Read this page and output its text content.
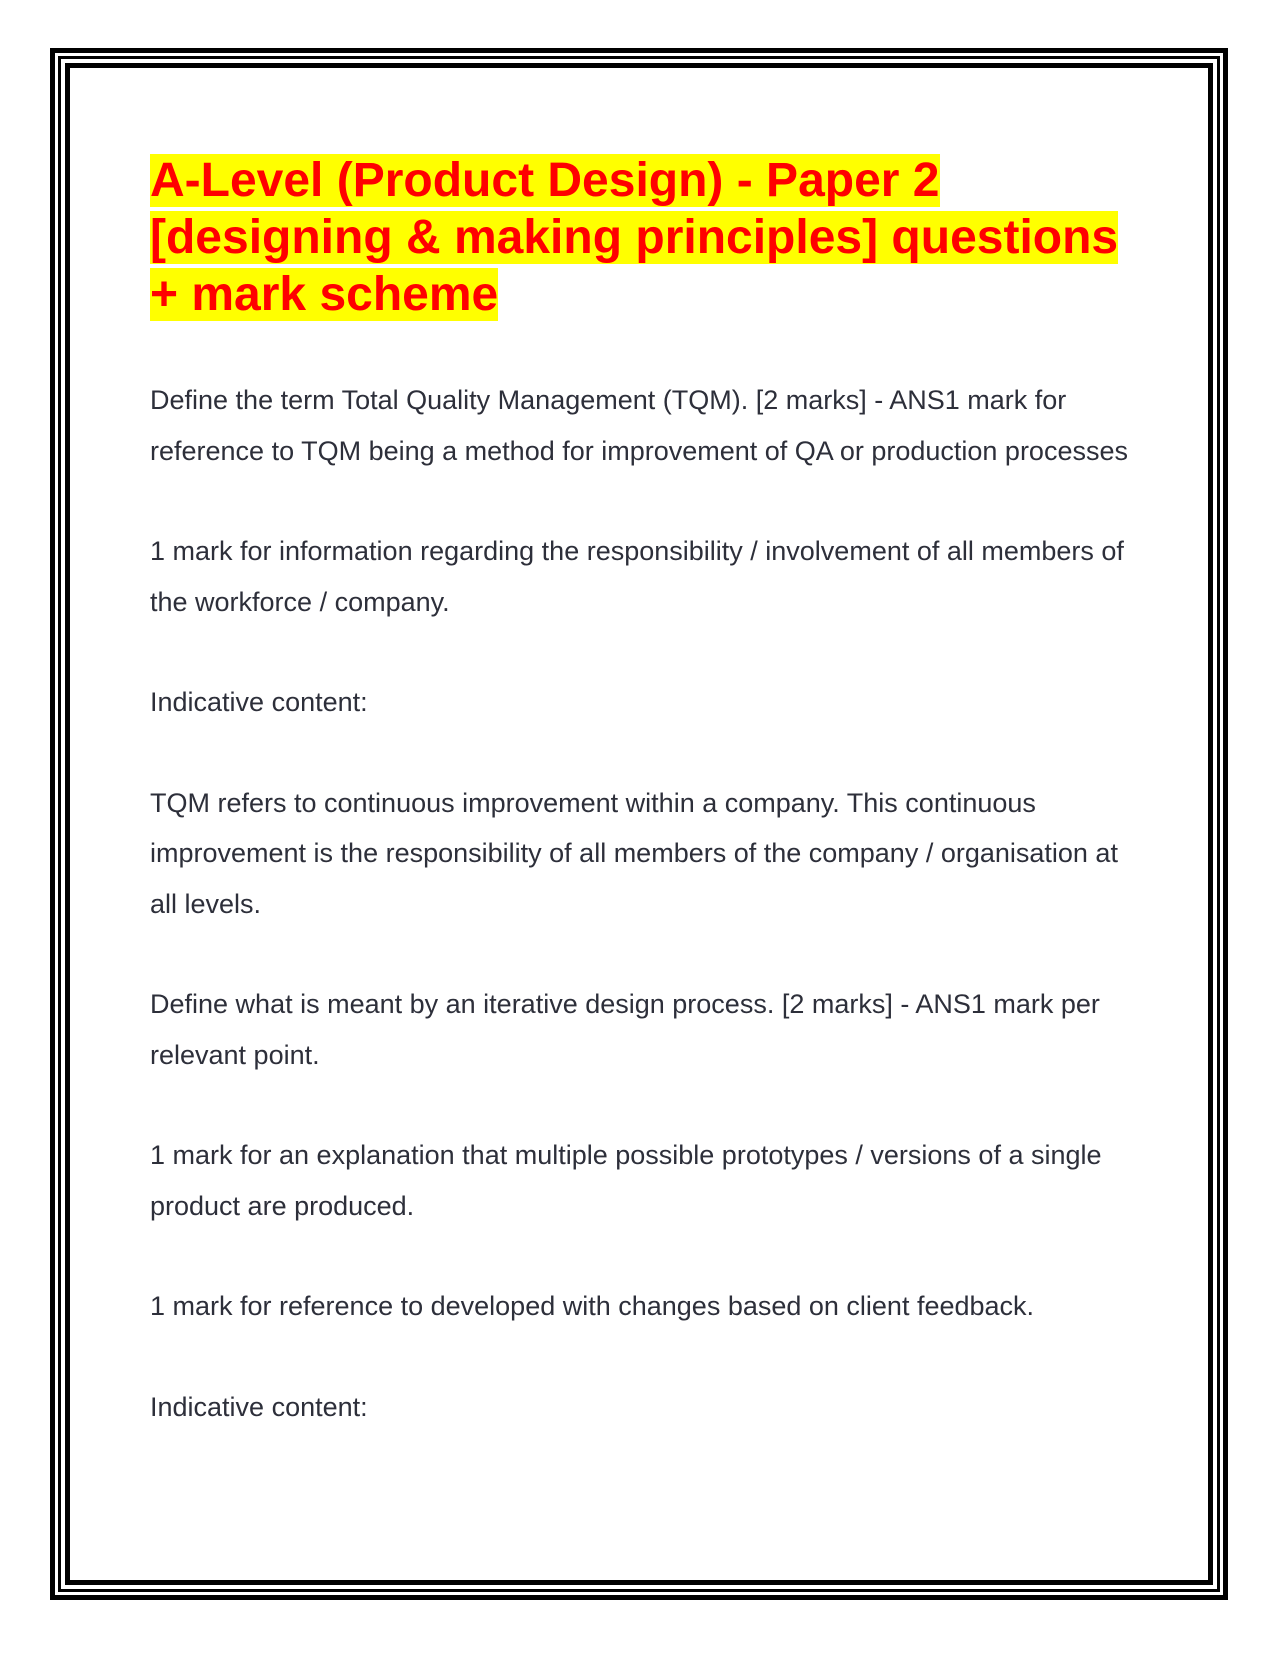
A-Level (Product Design) - Paper 2 [designing & making principles] questions + mark scheme

Define the term Total Quality Management (TQM). [2 marks] - ANS1 mark for reference to TQM being a method for improvement of QA or production processes

1 mark for information regarding the responsibility / involvement of all members of the workforce / company.

Indicative content:

TQM refers to continuous improvement within a company. This continuous improvement is the responsibility of all members of the company / organisation at all levels.

Define what is meant by an iterative design process. [2 marks] - ANS1 mark per relevant point.

1 mark for an explanation that multiple possible prototypes / versions of a single product are produced.

1 mark for reference to developed with changes based on client feedback.

Indicative content:
